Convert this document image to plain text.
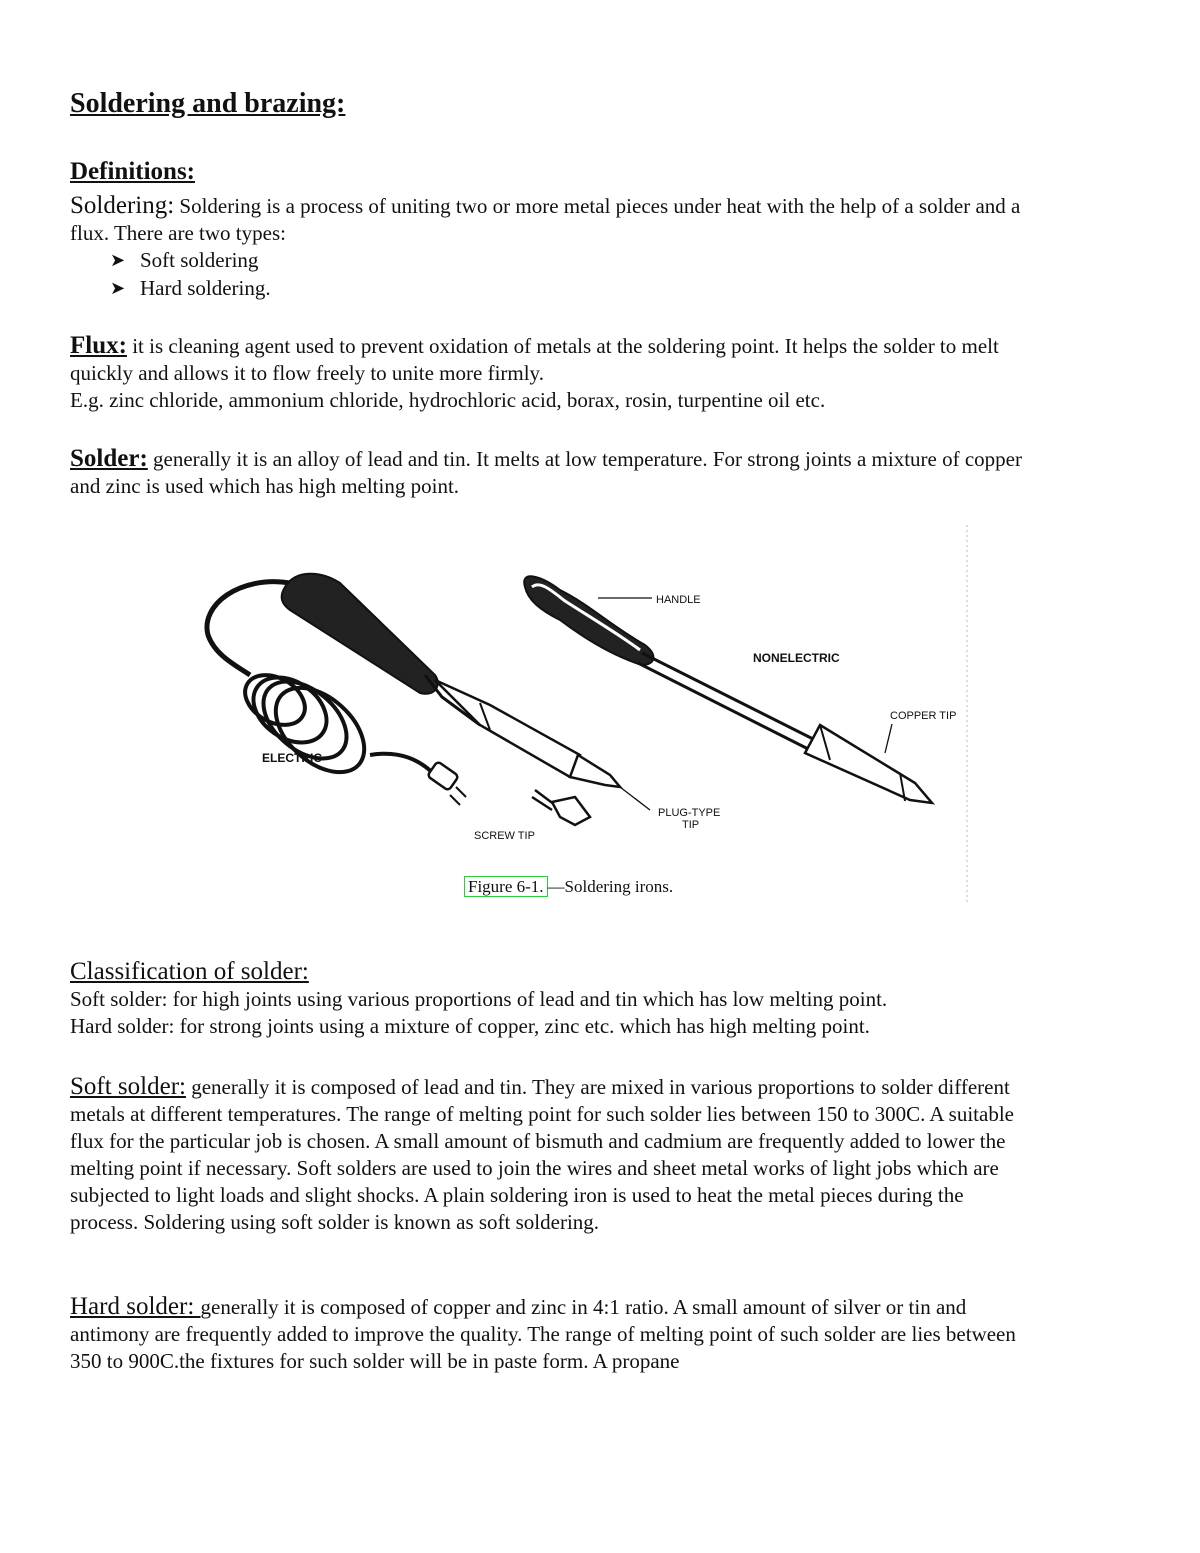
Soldering and brazing:

Definitions:

Soldering: Soldering is a process of uniting two or more metal pieces under heat with the help of a solder and a flux. There are two types:

➤ Soft soldering
➤ Hard soldering.

Flux: it is cleaning agent used to prevent oxidation of metals at the soldering point. It helps the solder to melt quickly and allows it to flow freely to unite more firmly.
E.g. zinc chloride, ammonium chloride, hydrochloric acid, borax, rosin, turpentine oil etc.

Solder: generally it is an alloy of lead and tin. It melts at low temperature. For strong joints a mixture of copper and zinc is used which has high melting point.

HANDLE
NONELECTRIC
COPPER TIP
ELECTRIC
PLUG-TYPE
TIP
SCREW TIP
Figure 6-1. —Soldering irons.

Classification of solder:
Soft solder: for high joints using various proportions of lead and tin which has low melting point.
Hard solder: for strong joints using a mixture of copper, zinc etc. which has high melting point.

Soft solder: generally it is composed of lead and tin. They are mixed in various proportions to solder different metals at different temperatures. The range of melting point for such solder lies between 150 to 300C. A suitable flux for the particular job is chosen. A small amount of bismuth and cadmium are frequently added to lower the melting point if necessary. Soft solders are used to join the wires and sheet metal works of light jobs which are subjected to light loads and slight shocks. A plain soldering iron is used to heat the metal pieces during the process. Soldering using soft solder is known as soft soldering.

Hard solder: generally it is composed of copper and zinc in 4:1 ratio. A small amount of silver or tin and antimony are frequently added to improve the quality. The range of melting point of such solder are lies between 350 to 900C.the fixtures for such solder will be in paste form. A propane
